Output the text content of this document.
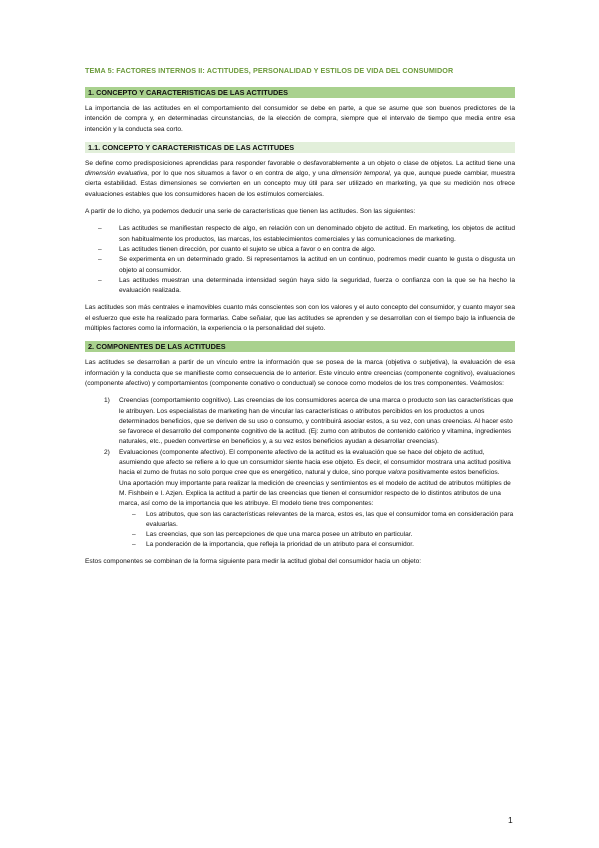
TEMA 5: FACTORES INTERNOS II: ACTITUDES, PERSONALIDAD Y ESTILOS DE VIDA DEL CONSUMIDOR
1. CONCEPTO Y CARACTERISTICAS DE LAS ACTITUDES

La importancia de las actitudes en el comportamiento del consumidor se debe en parte, a que se asume que son buenos predictores de la intención de compra y, en determinadas circunstancias, de la elección de compra, siempre que el intervalo de tiempo que media entre esa intención y la conducta sea corto.

1.1. CONCEPTO Y CARACTERISTICAS DE LAS ACTITUDES

Se define como predisposiciones aprendidas para responder favorable o desfavorablemente a un objeto o clase de objetos. La actitud tiene una dimensión evaluativa, por lo que nos situamos a favor o en contra de algo, y una dimensión temporal, ya que, aunque puede cambiar, muestra cierta estabilidad. Estas dimensiones se convierten en un concepto muy útil para ser utilizado en marketing, ya que su medición nos ofrece evaluaciones estables que los consumidores hacen de los estímulos comerciales.

A partir de lo dicho, ya podemos deducir una serie de características que tienen las actitudes. Son las siguientes:

– Las actitudes se manifiestan respecto de algo, en relación con un denominado objeto de actitud. En marketing, los objetos de actitud son habitualmente los productos, las marcas, los establecimientos comerciales y las comunicaciones de marketing.
– Las actitudes tienen dirección, por cuanto el sujeto se ubica a favor o en contra de algo.
– Se experimenta en un determinado grado. Si representamos la actitud en un continuo, podremos medir cuanto le gusta o disgusta un objeto al consumidor.
– Las actitudes muestran una determinada intensidad según haya sido la seguridad, fuerza o confianza con la que se ha hecho la evaluación realizada.

Las actitudes son más centrales e inamovibles cuanto más conscientes son con los valores y el auto concepto del consumidor, y cuanto mayor sea el esfuerzo que este ha realizado para formarlas. Cabe señalar, que las actitudes se aprenden y se desarrollan con el tiempo bajo la influencia de múltiples factores como la información, la experiencia o la personalidad del sujeto.

2. COMPONENTES DE LAS ACTITUDES

Las actitudes se desarrollan a partir de un vínculo entre la información que se posea de la marca (objetiva o subjetiva), la evaluación de esa información y la conducta que se manifieste como consecuencia de lo anterior. Este vínculo entre creencias (componente cognitivo), evaluaciones (componente afectivo) y comportamientos (componente conativo o conductual) se conoce como modelos de los tres componentes. Veámoslos:

1) Creencias (comportamiento cognitivo). Las creencias de los consumidores acerca de una marca o producto son las características que le atribuyen. Los especialistas de marketing han de vincular las características o atributos percibidos en los productos a unos determinados beneficios, que se deriven de su uso o consumo, y contribuirá asociar estos, a su vez, con unas creencias. Al hacer esto se favorece el desarrollo del componente cognitivo de la actitud. (Ej: zumo con atributos de contenido calórico y vitamina, ingredientes naturales, etc., pueden convertirse en beneficios y, a su vez estos beneficios ayudan a desarrollar creencias).
2) Evaluaciones (componente afectivo). El componente afectivo de la actitud es la evaluación que se hace del objeto de actitud, asumiendo que afecto se refiere a lo que un consumidor siente hacia ese objeto. Es decir, el consumidor mostrara una actitud positiva hacia el zumo de frutas no solo porque cree que es energético, natural y dulce, sino porque valora positivamente estos beneficios.
Una aportación muy importante para realizar la medición de creencias y sentimientos es el modelo de actitud de atributos múltiples de M. Fishbein e I. Azjen. Explica la actitud a partir de las creencias que tienen el consumidor respecto de lo distintos atributos de una marca, así como de la importancia que les atribuye. El modelo tiene tres componentes:
– Los atributos, que son las características relevantes de la marca, estos es, las que el consumidor toma en consideración para evaluarlas.
– Las creencias, que son las percepciones de que una marca posee un atributo en particular.
– La ponderación de la importancia, que refleja la prioridad de un atributo para el consumidor.

Estos componentes se combinan de la forma siguiente para medir la actitud global del consumidor hacia un objeto:

1
